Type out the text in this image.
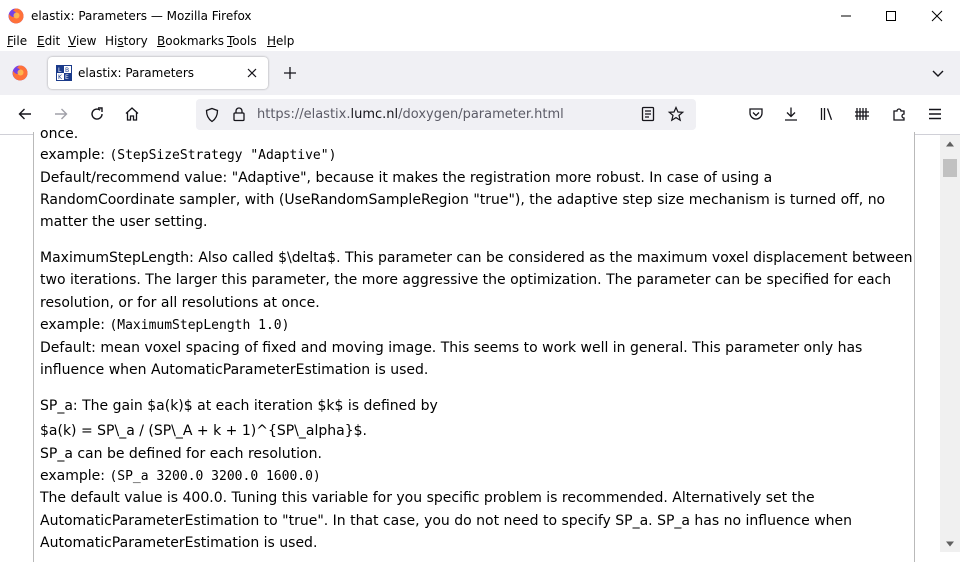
elastix: Parameters — Mozilla Firefox
File Edit View History Bookmarks Tools Help
L B
K E elastix: Parameters
https://elastix.lumc.nl/doxygen/parameter.html
once.
example: (StepSizeStrategy "Adaptive")
Default/recommend value: "Adaptive", because it makes the registration more robust. In case of using a
RandomCoordinate sampler, with (UseRandomSampleRegion "true"), the adaptive step size mechanism is turned off, no
matter the user setting.
MaximumStepLength: Also called $\delta$. This parameter can be considered as the maximum voxel displacement between
two iterations. The larger this parameter, the more aggressive the optimization. The parameter can be specified for each
resolution, or for all resolutions at once.
example: (MaximumStepLength 1.0)
Default: mean voxel spacing of fixed and moving image. This seems to work well in general. This parameter only has
influence when AutomaticParameterEstimation is used.
SP_a: The gain $a(k)$ at each iteration $k$ is defined by
$a(k) = SP\_a / (SP\_A + k + 1)^{SP\_alpha}$.
SP_a can be defined for each resolution.
example: (SP_a 3200.0 3200.0 1600.0)
The default value is 400.0. Tuning this variable for you specific problem is recommended. Alternatively set the
AutomaticParameterEstimation to "true". In that case, you do not need to specify SP_a. SP_a has no influence when
AutomaticParameterEstimation is used.
